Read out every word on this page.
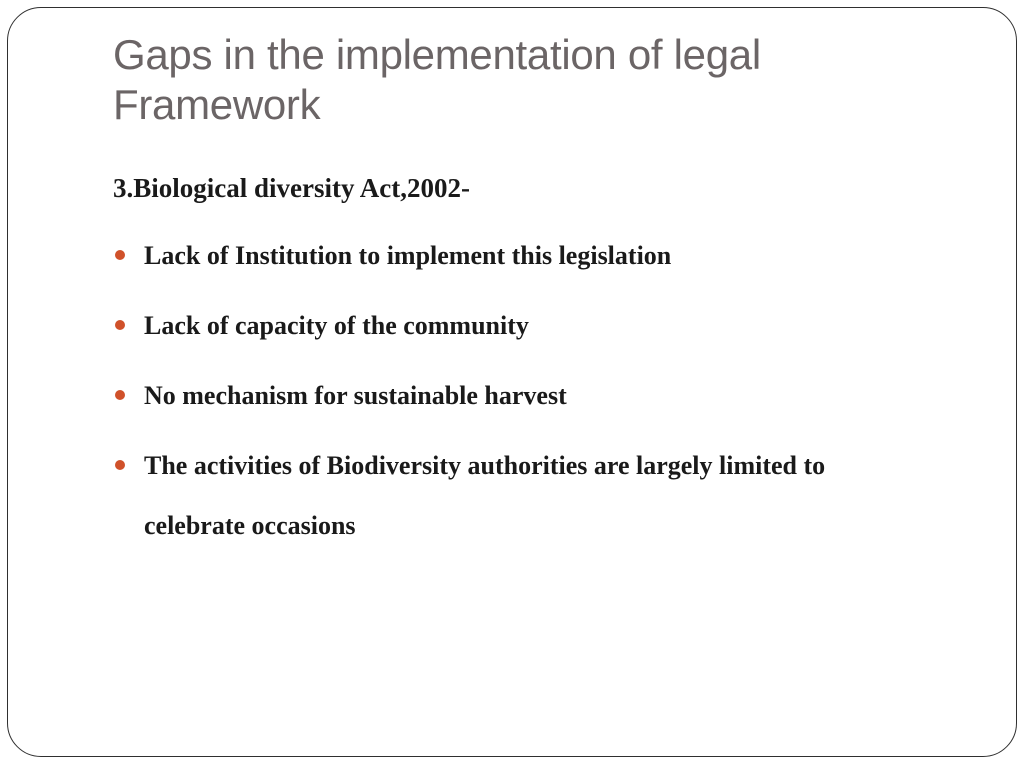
Gaps in the implementation of legal Framework

3.Biological diversity Act,2002-

Lack of Institution to implement this legislation
Lack of capacity of the community
No mechanism for sustainable harvest
The activities of Biodiversity authorities are largely limited to celebrate occasions
